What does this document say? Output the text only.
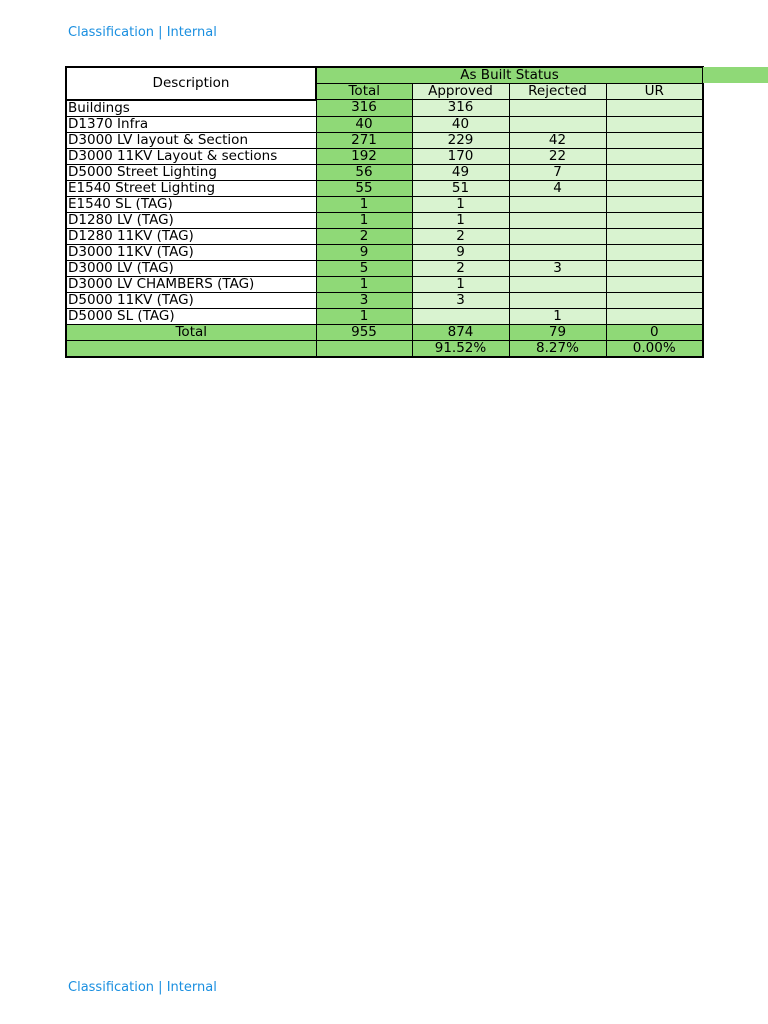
Classification | Internal
Description	As Built Status			
	Total	Approved	Rejected	UR
Buildings	316	316		
D1370 Infra	40	40		
D3000 LV layout & Section	271	229	42	
D3000 11KV Layout & sections	192	170	22	
D5000 Street Lighting	56	49	7	
E1540 Street Lighting	55	51	4	
E1540 SL (TAG)	1	1		
D1280 LV (TAG)	1	1		
D1280 11KV (TAG)	2	2		
D3000 11KV (TAG)	9	9		
D3000 LV (TAG)	5	2	3	
D3000 LV CHAMBERS (TAG)	1	1		
D5000 11KV (TAG)	3	3		
D5000 SL (TAG)	1		1	
Total	955	874	79	0
		91.52%	8.27%	0.00%
Classification | Internal
